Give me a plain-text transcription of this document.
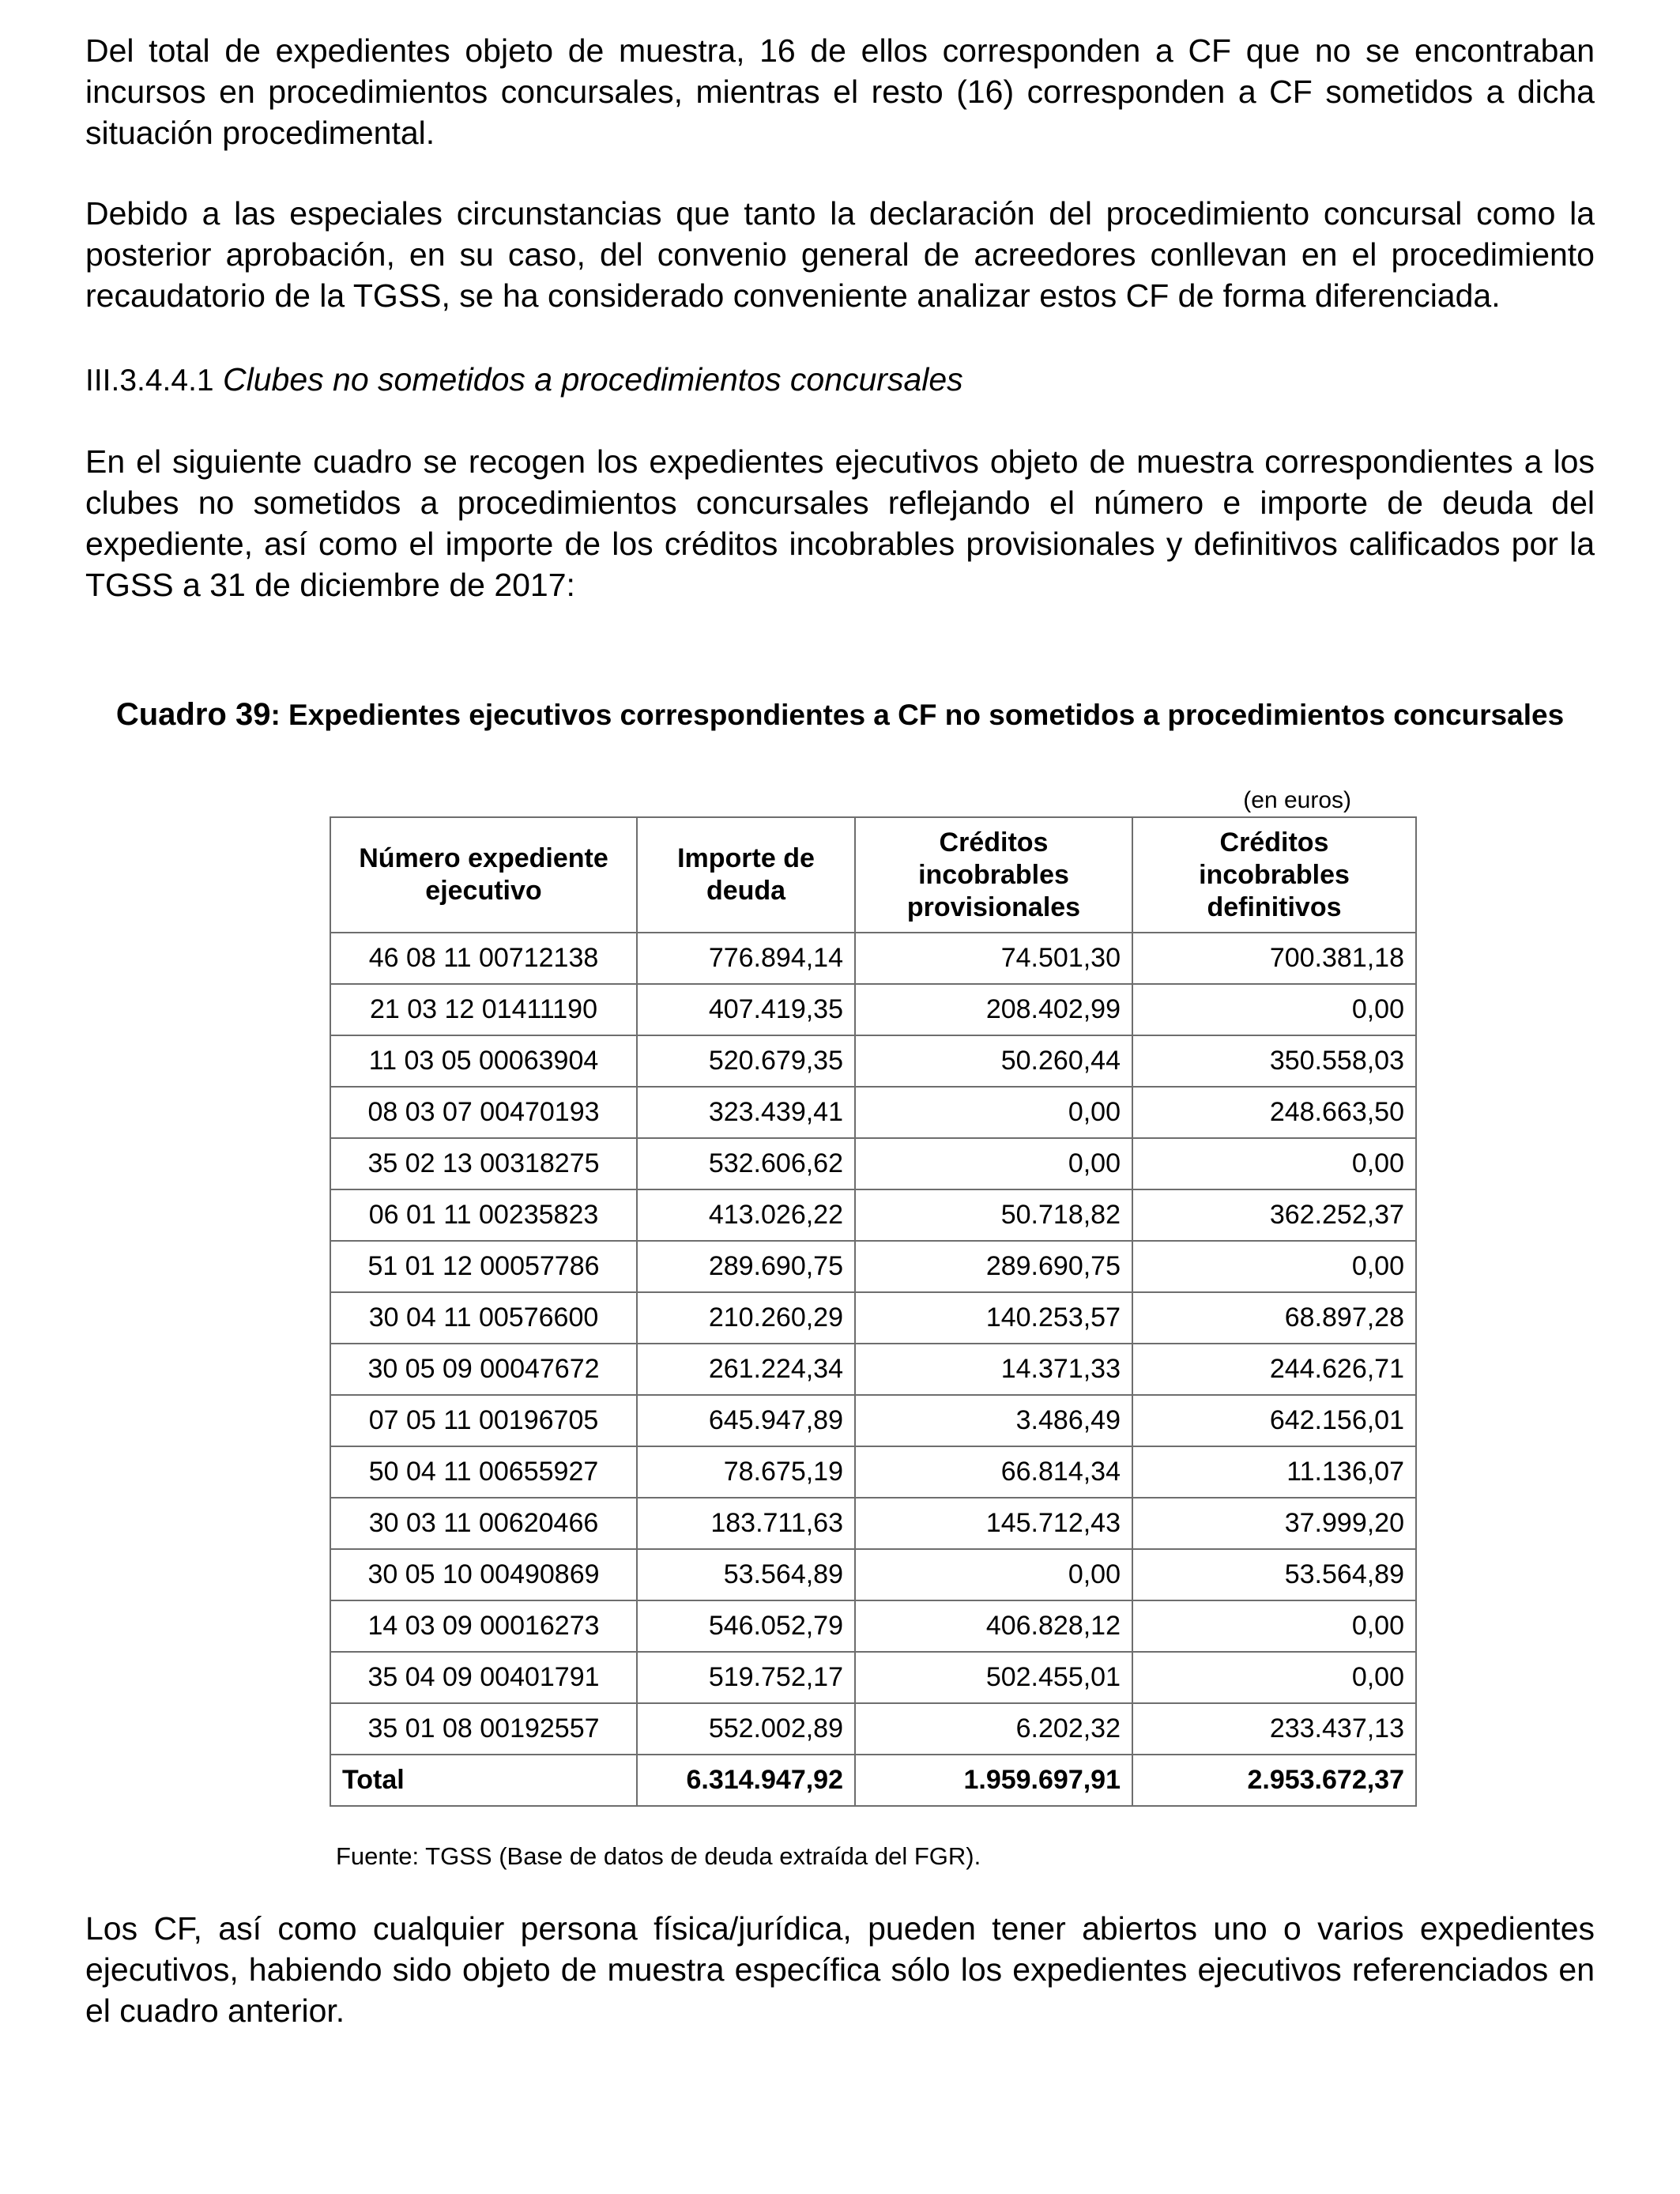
Del total de expedientes objeto de muestra, 16 de ellos corresponden a CF que no se encontraban incursos en procedimientos concursales, mientras el resto (16) corresponden a CF sometidos a dicha situación procedimental.

Debido a las especiales circunstancias que tanto la declaración del procedimiento concursal como la posterior aprobación, en su caso, del convenio general de acreedores conllevan en el procedimiento recaudatorio de la TGSS, se ha considerado conveniente analizar estos CF de forma diferenciada.

III.3.4.4.1 Clubes no sometidos a procedimientos concursales

En el siguiente cuadro se recogen los expedientes ejecutivos objeto de muestra correspondientes a los clubes no sometidos a procedimientos concursales reflejando el número e importe de deuda del expediente, así como el importe de los créditos incobrables provisionales y definitivos calificados por la TGSS a 31 de diciembre de 2017:

Cuadro 39: Expedientes ejecutivos correspondientes a CF no sometidos a procedimientos concursales
(en euros)
Número expediente ejecutivo	Importe de deuda	Créditos incobrables provisionales	Créditos incobrables definitivos
46 08 11 00712138	776.894,14	74.501,30	700.381,18
21 03 12 01411190	407.419,35	208.402,99	0,00
11 03 05 00063904	520.679,35	50.260,44	350.558,03
08 03 07 00470193	323.439,41	0,00	248.663,50
35 02 13 00318275	532.606,62	0,00	0,00
06 01 11 00235823	413.026,22	50.718,82	362.252,37
51 01 12 00057786	289.690,75	289.690,75	0,00
30 04 11 00576600	210.260,29	140.253,57	68.897,28
30 05 09 00047672	261.224,34	14.371,33	244.626,71
07 05 11 00196705	645.947,89	3.486,49	642.156,01
50 04 11 00655927	78.675,19	66.814,34	11.136,07
30 03 11 00620466	183.711,63	145.712,43	37.999,20
30 05 10 00490869	53.564,89	0,00	53.564,89
14 03 09 00016273	546.052,79	406.828,12	0,00
35 04 09 00401791	519.752,17	502.455,01	0,00
35 01 08 00192557	552.002,89	6.202,32	233.437,13
Total	6.314.947,92	1.959.697,91	2.953.672,37
Fuente: TGSS (Base de datos de deuda extraída del FGR).

Los CF, así como cualquier persona física/jurídica, pueden tener abiertos uno o varios expedientes ejecutivos, habiendo sido objeto de muestra específica sólo los expedientes ejecutivos referenciados en el cuadro anterior.
